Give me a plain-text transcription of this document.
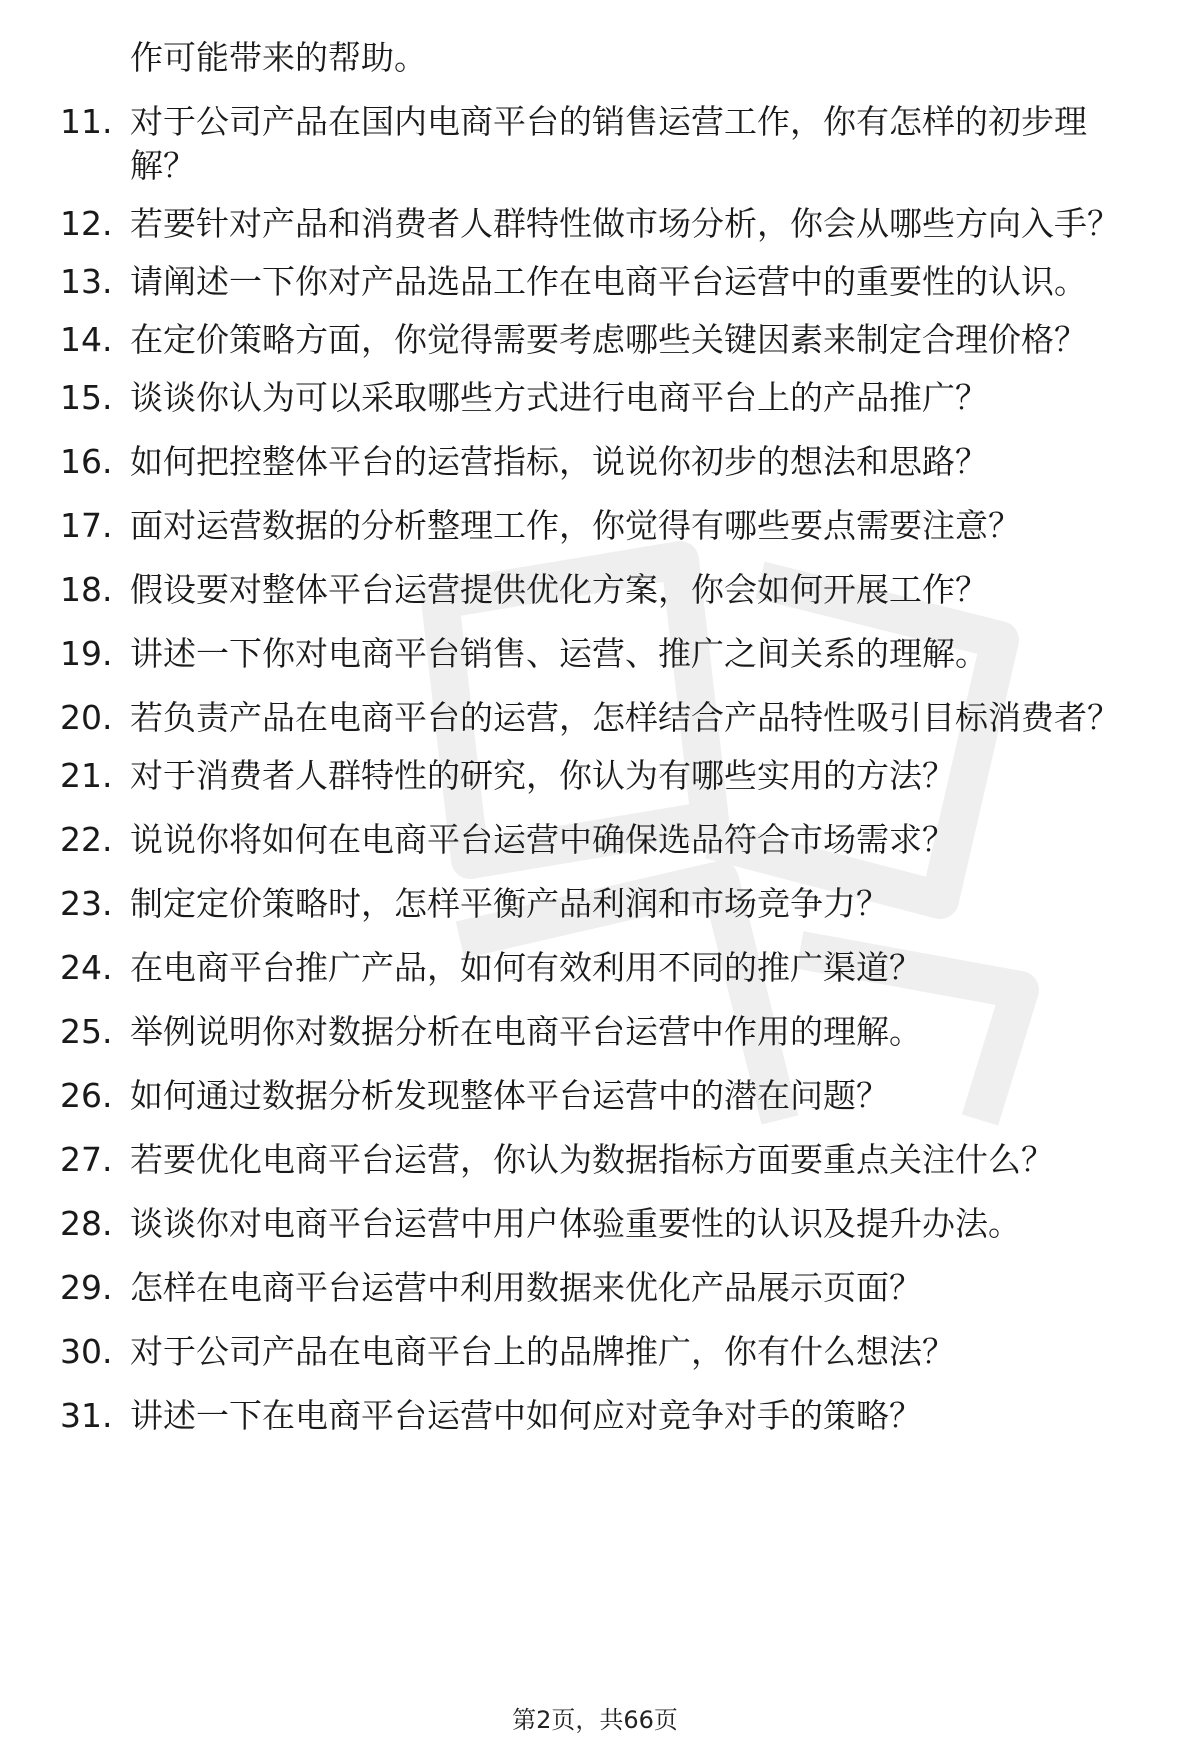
作可能带来的帮助。
11. 对于公司产品在国内电商平台的销售运营工作，你有怎样的初步理解？
12. 若要针对产品和消费者人群特性做市场分析，你会从哪些方向入手？
13. 请阐述一下你对产品选品工作在电商平台运营中的重要性的认识。
14. 在定价策略方面，你觉得需要考虑哪些关键因素来制定合理价格？
15. 谈谈你认为可以采取哪些方式进行电商平台上的产品推广？
16. 如何把控整体平台的运营指标，说说你初步的想法和思路？
17. 面对运营数据的分析整理工作，你觉得有哪些要点需要注意？
18. 假设要对整体平台运营提供优化方案，你会如何开展工作？
19. 讲述一下你对电商平台销售、运营、推广之间关系的理解。
20. 若负责产品在电商平台的运营，怎样结合产品特性吸引目标消费者？
21. 对于消费者人群特性的研究，你认为有哪些实用的方法？
22. 说说你将如何在电商平台运营中确保选品符合市场需求？
23. 制定定价策略时，怎样平衡产品利润和市场竞争力？
24. 在电商平台推广产品，如何有效利用不同的推广渠道？
25. 举例说明你对数据分析在电商平台运营中作用的理解。
26. 如何通过数据分析发现整体平台运营中的潜在问题？
27. 若要优化电商平台运营，你认为数据指标方面要重点关注什么？
28. 谈谈你对电商平台运营中用户体验重要性的认识及提升办法。
29. 怎样在电商平台运营中利用数据来优化产品展示页面？
30. 对于公司产品在电商平台上的品牌推广，你有什么想法？
31. 讲述一下在电商平台运营中如何应对竞争对手的策略？
第2页，共66页
